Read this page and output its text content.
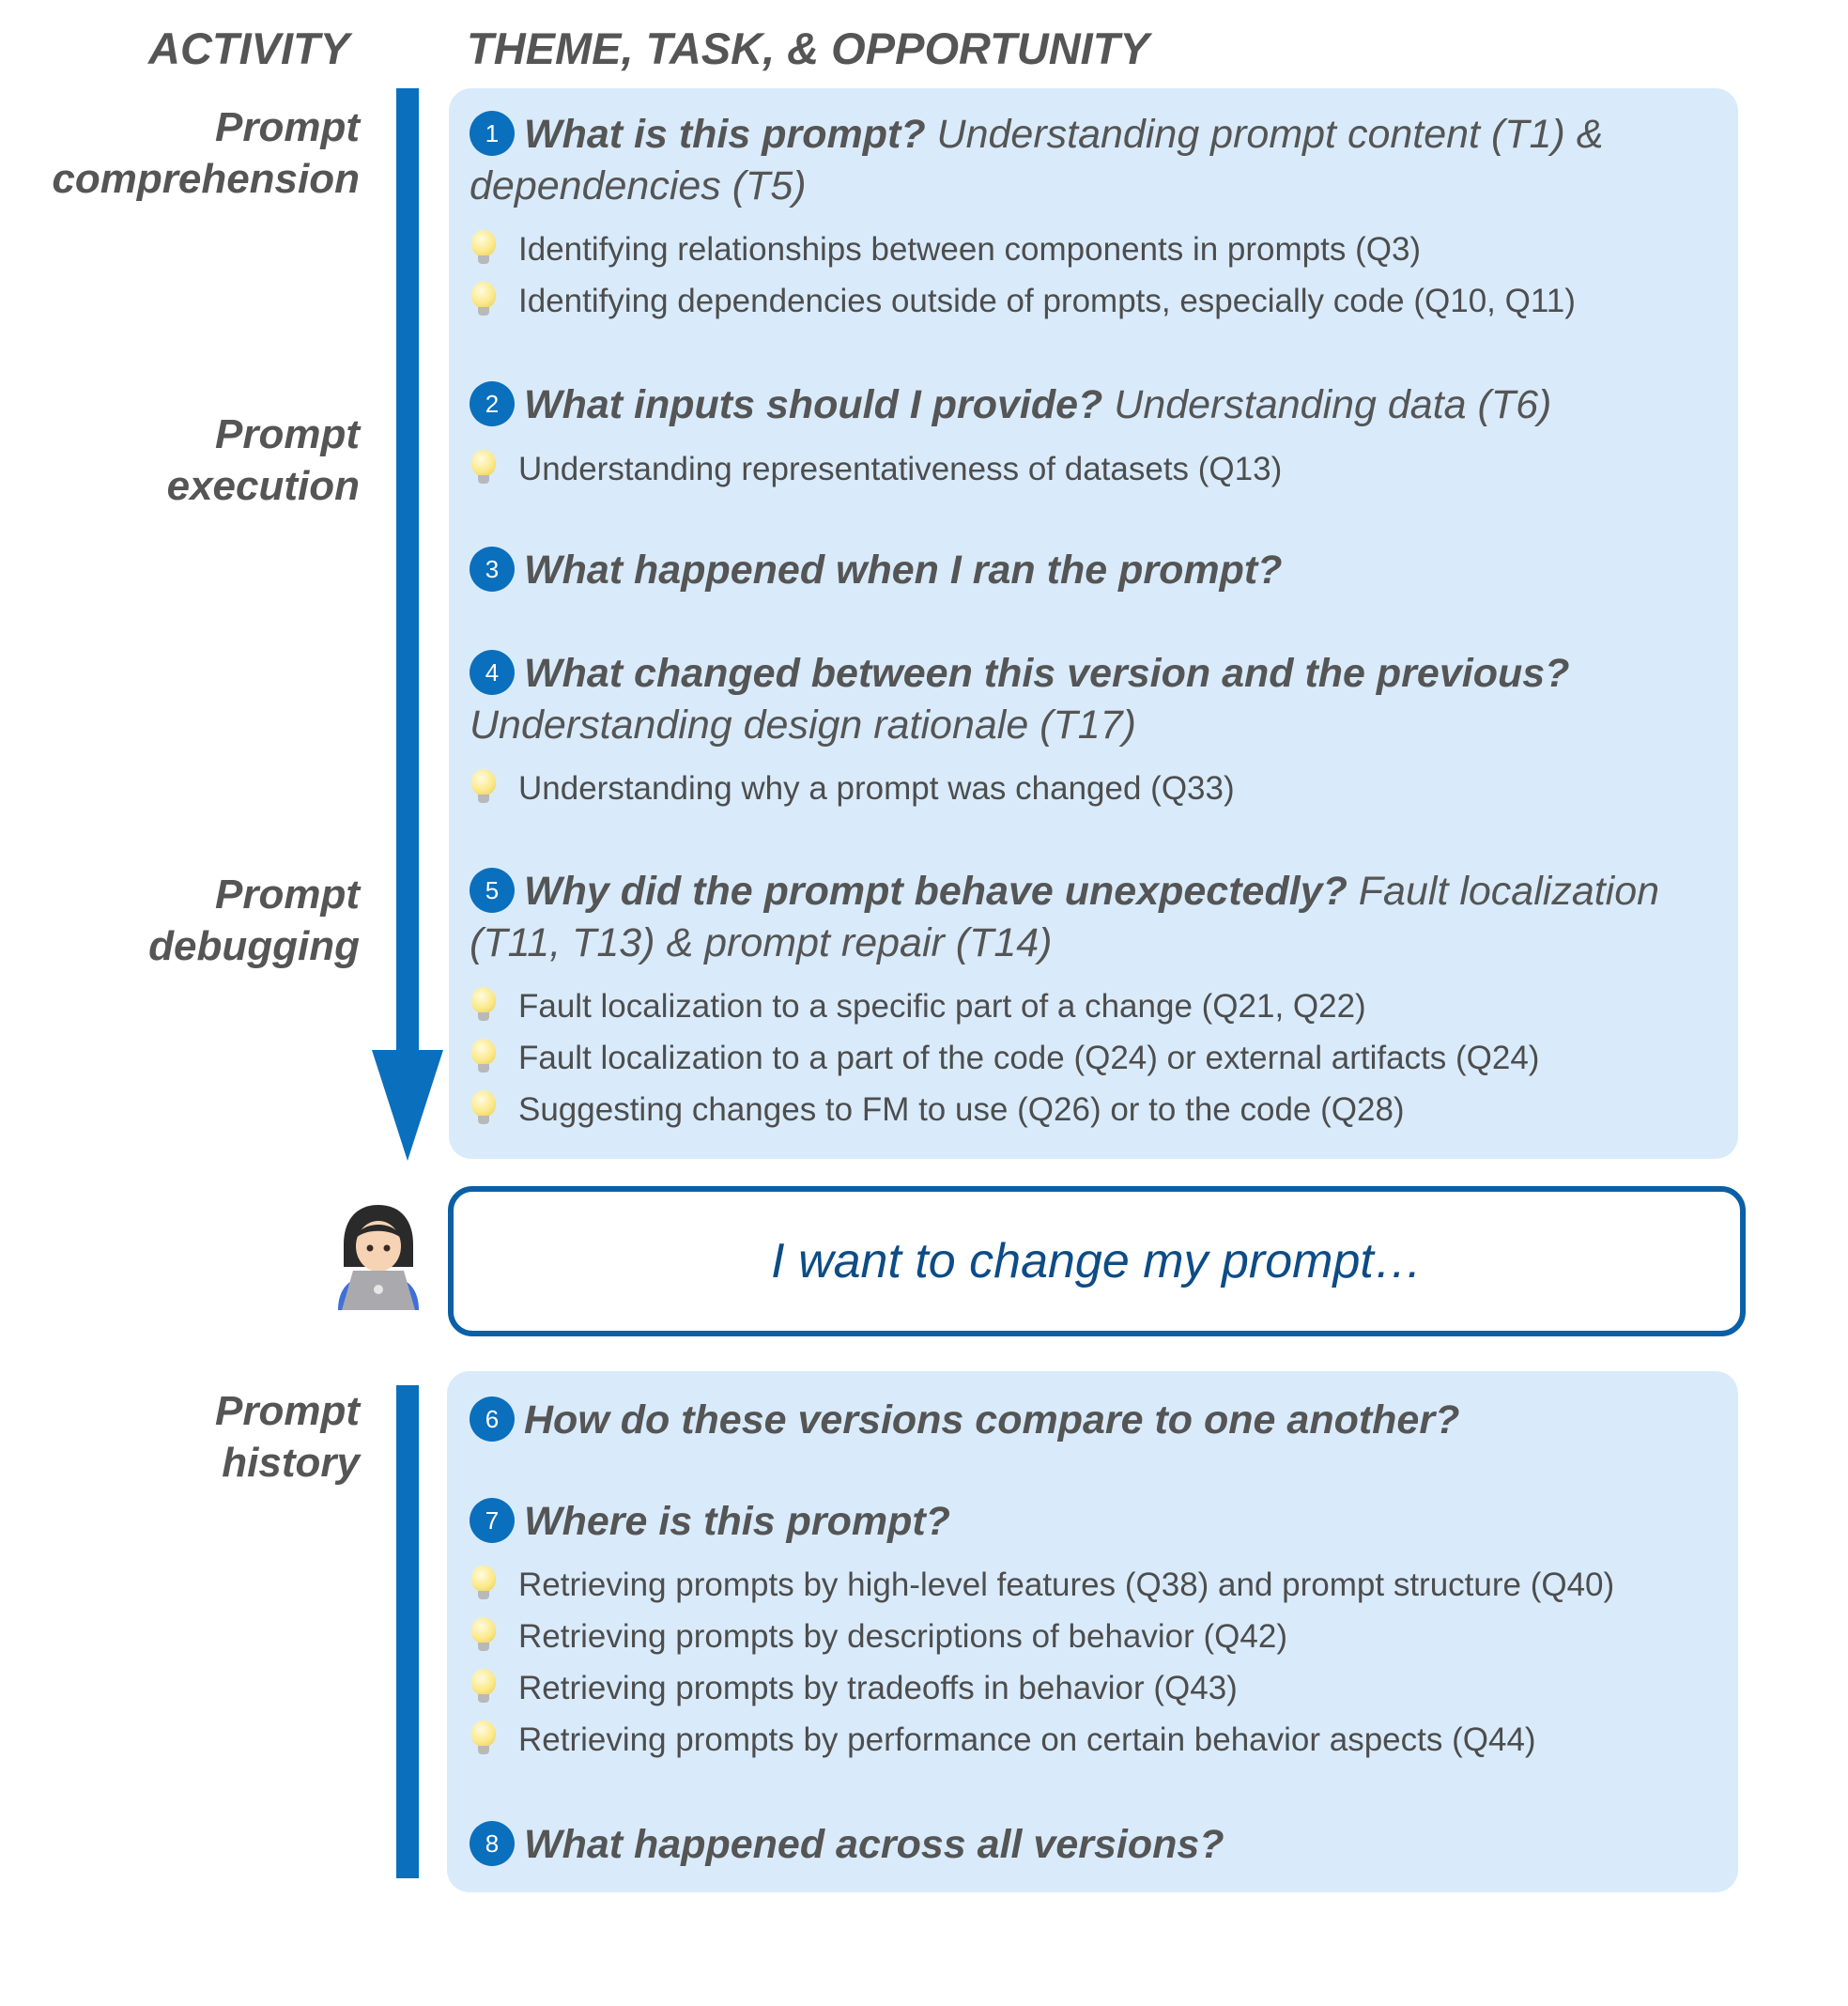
ACTIVITY	THEME, TASK, & OPPORTUNITY
Prompt
comprehension
Prompt
execution
Prompt
debugging
Prompt
history
1 What is this prompt? Understanding prompt content (T1) & dependencies (T5)
Identifying relationships between components in prompts (Q3)
Identifying dependencies outside of prompts, especially code (Q10, Q11)
2 What inputs should I provide? Understanding data (T6)
Understanding representativeness of datasets (Q13)
3 What happened when I ran the prompt?
4 What changed between this version and the previous? Understanding design rationale (T17)
Understanding why a prompt was changed (Q33)
5 Why did the prompt behave unexpectedly? Fault localization (T11, T13) & prompt repair (T14)
Fault localization to a specific part of a change (Q21, Q22)
Fault localization to a part of the code (Q24) or external artifacts (Q24)
Suggesting changes to FM to use (Q26) or to the code (Q28)
I want to change my prompt…
6 How do these versions compare to one another?
7 Where is this prompt?
Retrieving prompts by high-level features (Q38) and prompt structure (Q40)
Retrieving prompts by descriptions of behavior (Q42)
Retrieving prompts by tradeoffs in behavior (Q43)
Retrieving prompts by performance on certain behavior aspects (Q44)
8 What happened across all versions?
